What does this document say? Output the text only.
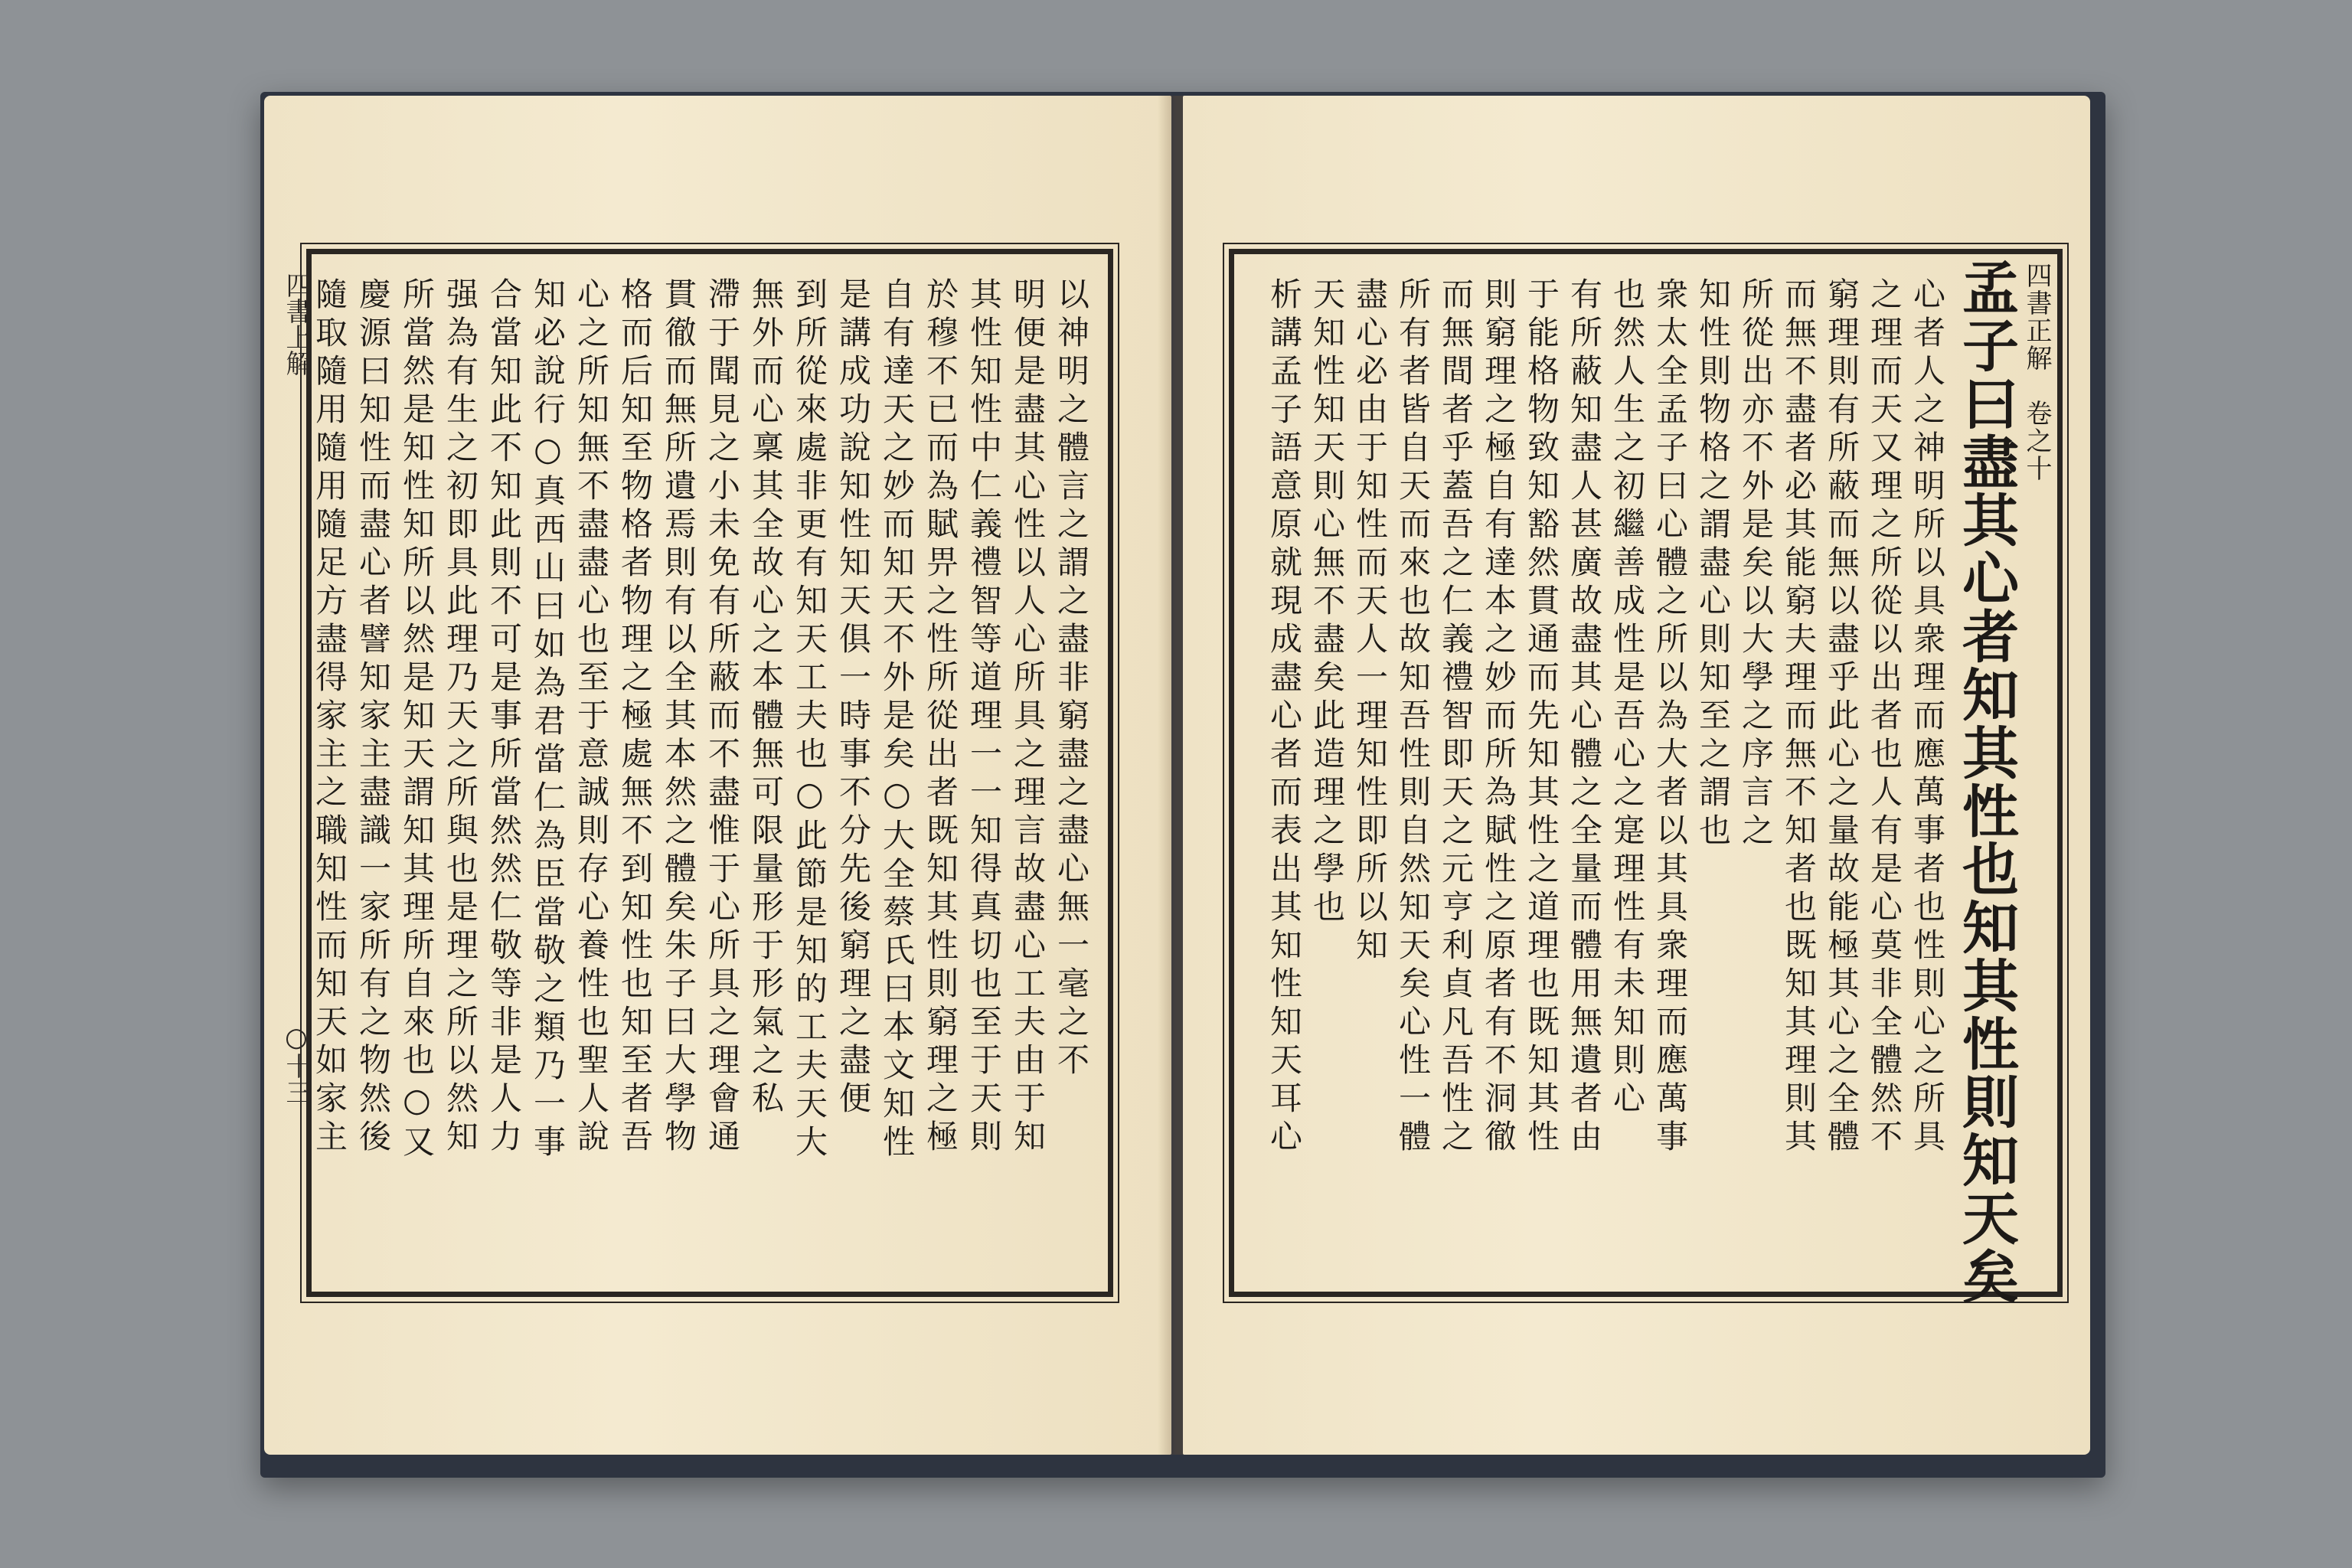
四書上解
○十三	以神明之體言之謂之盡非窮盡之盡心無一毫之不
明便是盡其心性以人心所具之理言故盡心工夫由于知
其性知性中仁義禮智等道理一一知得真切也至于天則
於穆不已而為賦畀之性所從出者既知其性則窮理之極
自有達天之妙而知天不外是矣○大全蔡氏曰本文知性
是講成功說知性知天俱一時事不分先後窮理之盡便
到所從來處非更有知天工夫也○此節是知的工夫天大
無外而心稟其全故心之本體無可限量形于形氣之私
滯于聞見之小未免有所蔽而不盡惟于心所具之理會通
貫徹而無所遺焉則有以全其本然之體矣朱子曰大學物
格而后知至物格者物理之極處無不到知性也知至者吾
心之所知無不盡盡心也至于意誠則存心養性也聖人說
知必說行○真西山曰如為君當仁為臣當敬之類乃一事
合當知此不知此則不可是事所當然然仁敬等非是人力
强為有生之初即具此理乃天之所與也是理之所以然知
所當然是知性知所以然是知天謂知其理所自來也○又
慶源曰知性而盡心者譬知家主盡識一家所有之物然後
隨取隨用隨用隨足方盡得家主之職知性而知天如家主	四書正解
卷之十
孟子曰盡其心者知其性也知其性則知天矣
心者人之神明所以具衆理而應萬事者也性則心之所具
之理而天又理之所從以出者也人有是心莫非全體然不
窮理則有所蔽而無以盡乎此心之量故能極其心之全體
而無不盡者必其能窮夫理而無不知者也既知其理則其
所從出亦不外是矣以大學之序言之
知性則物格之謂盡心則知至之謂也
衆太全孟子曰心體之所以為大者以其具衆理而應萬事
也然人生之初繼善成性是吾心之寔理性有未知則心
有所蔽知盡人甚廣故盡其心體之全量而體用無遺者由
于能格物致知豁然貫通而先知其性之道理也既知其性
則窮理之極自有達本之妙而所為賦性之原者有不洞徹
而無間者乎蓋吾之仁義禮智即天之元亨利貞凡吾性之
所有者皆自天而來也故知吾性則自然知天矣心性一體
盡心必由于知性而天人一理知性即所以知
天知性知天則心無不盡矣此造理之學也
析講孟子語意原就現成盡心者而表出其知性知天耳心
